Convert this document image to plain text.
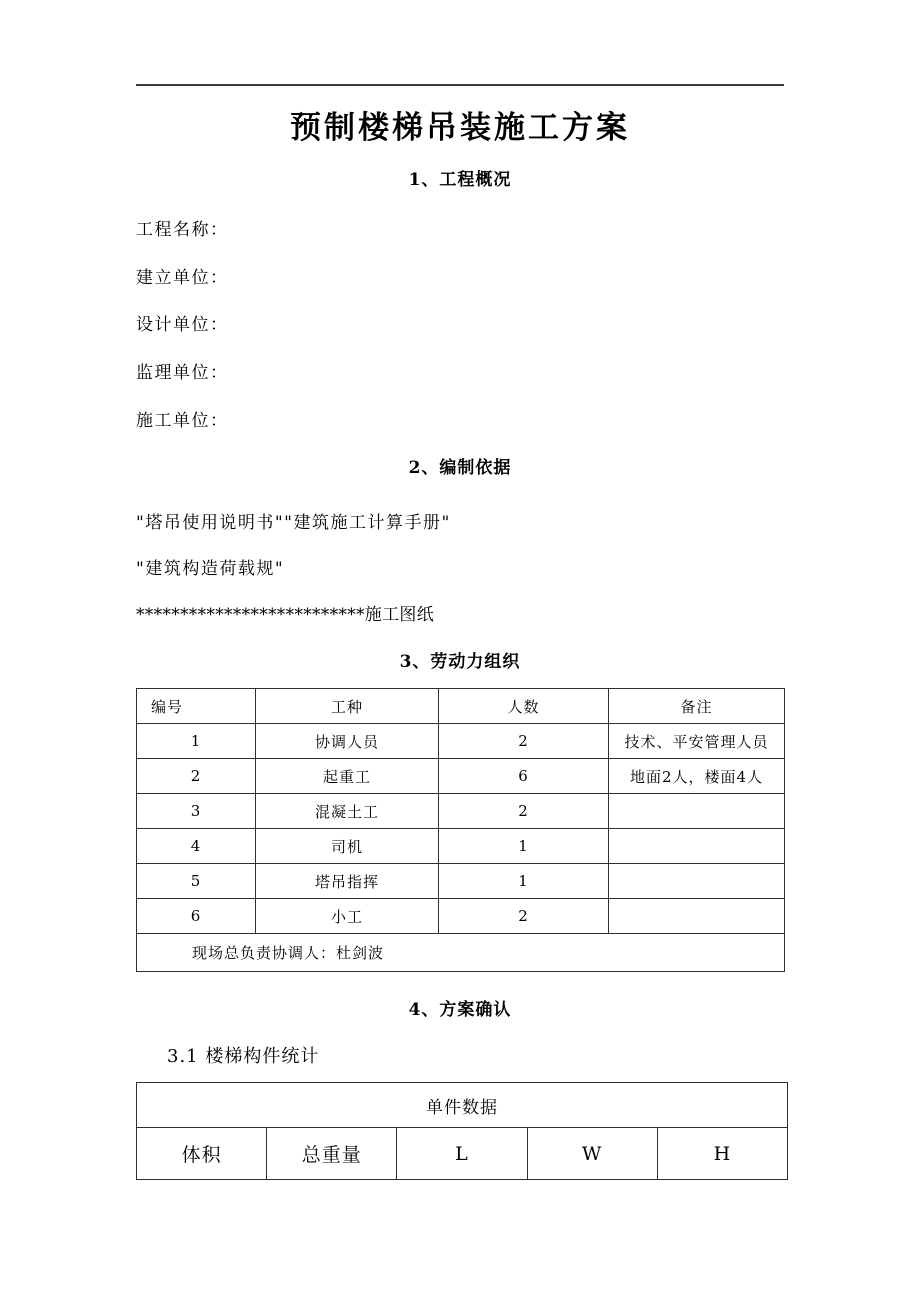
预制楼梯吊装施工方案
1、工程概况
工程名称：
建立单位：
设计单位：
监理单位：
施工单位：
2、编制依据
"塔吊使用说明书""建筑施工计算手册"
"建筑构造荷载规"
**************************施工图纸
3、劳动力组织
编号	工种	人数	备注
1	协调人员	2	技术、平安管理人员
2	起重工	6	地面2人，楼面4人
3	混凝土工	2	
4	司机	1	
5	塔吊指挥	1	
6	小工	2	
现场总负责协调人：杜剑波			
4、方案确认
3.1 楼梯构件统计
单件数据
体积	总重量	L	W	H
